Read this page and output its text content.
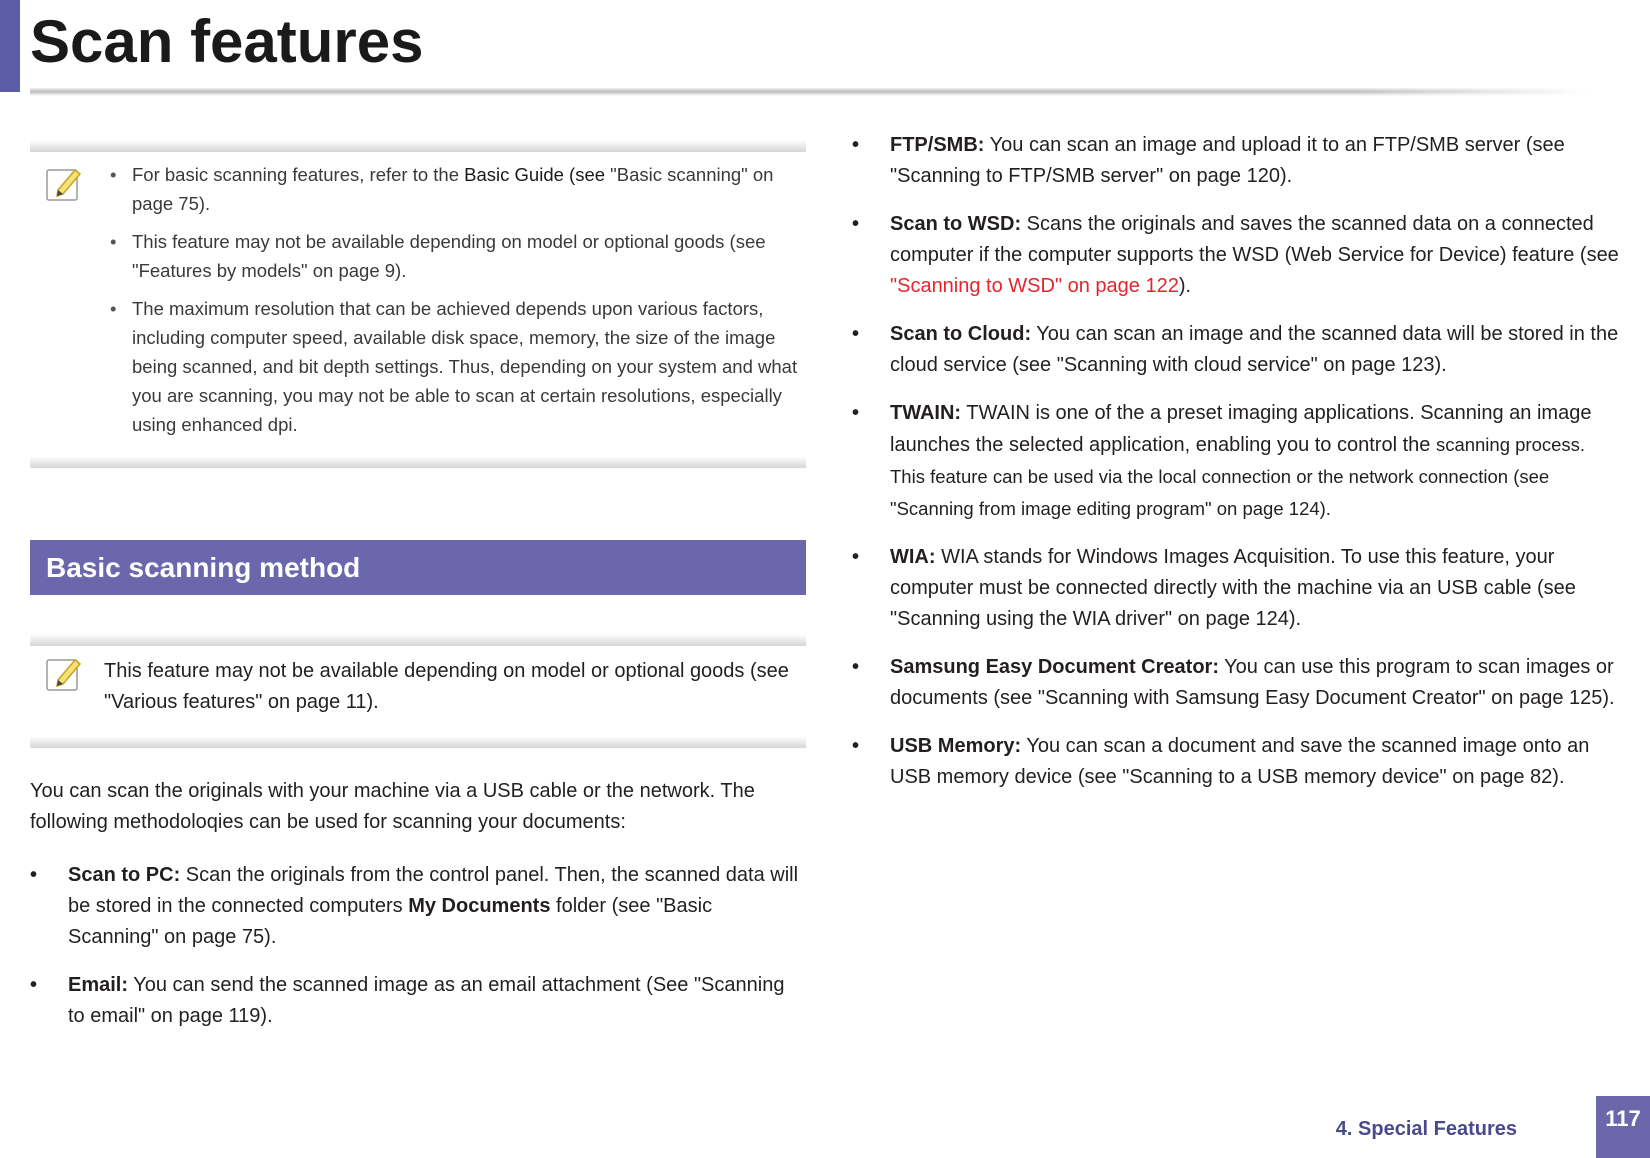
Scan features
• For basic scanning features, refer to the Basic Guide (see "Basic scanning" on page 75).
• This feature may not be available depending on model or optional goods (see "Features by models" on page 9).
• The maximum resolution that can be achieved depends upon various factors, including computer speed, available disk space, memory, the size of the image being scanned, and bit depth settings. Thus, depending on your system and what you are scanning, you may not be able to scan at certain resolutions, especially using enhanced dpi.
Basic scanning method
This feature may not be available depending on model or optional goods (see "Various features" on page 11).
You can scan the originals with your machine via a USB cable or the network. The following methodoloqies can be used for scanning your documents:
• Scan to PC: Scan the originals from the control panel. Then, the scanned data will be stored in the connected computers My Documents folder (see "Basic Scanning" on page 75).
• Email: You can send the scanned image as an email attachment (See "Scanning to email" on page 119).
• FTP/SMB: You can scan an image and upload it to an FTP/SMB server (see "Scanning to FTP/SMB server" on page 120).
• Scan to WSD: Scans the originals and saves the scanned data on a connected computer if the computer supports the WSD (Web Service for Device) feature (see "Scanning to WSD" on page 122).
• Scan to Cloud: You can scan an image and the scanned data will be stored in the cloud service (see "Scanning with cloud service" on page 123).
• TWAIN: TWAIN is one of the a preset imaging applications. Scanning an image launches the selected application, enabling you to control the scanning process. This feature can be used via the local connection or the network connection (see "Scanning from image editing program" on page 124).
• WIA: WIA stands for Windows Images Acquisition. To use this feature, your computer must be connected directly with the machine via an USB cable (see "Scanning using the WIA driver" on page 124).
• Samsung Easy Document Creator: You can use this program to scan images or documents (see "Scanning with Samsung Easy Document Creator" on page 125).
• USB Memory: You can scan a document and save the scanned image onto an USB memory device (see "Scanning to a USB memory device" on page 82).
4. Special Features	117
